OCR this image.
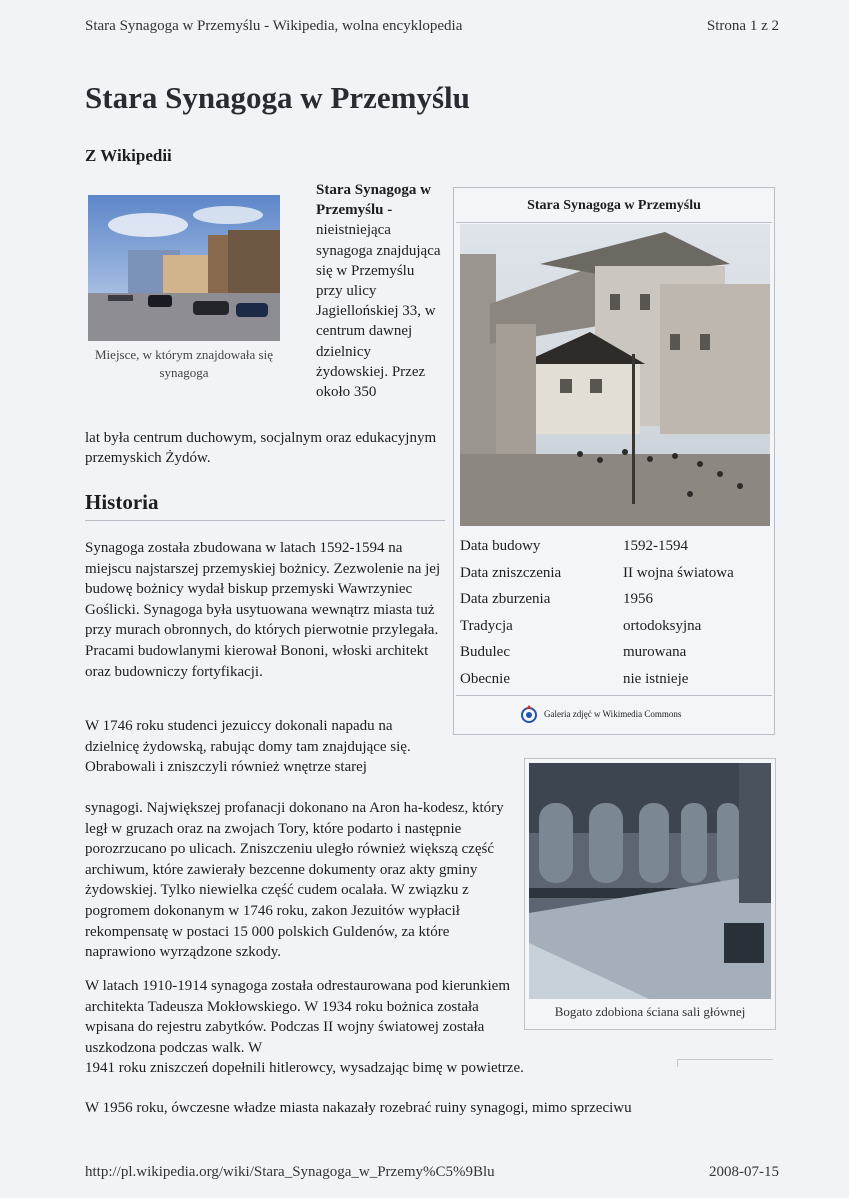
Stara Synagoga w Przemyślu - Wikipedia, wolna encyklopedia	Strona 1 z 2
Stara Synagoga w Przemyślu
Z Wikipedii
Miejsce, w którym znajdowała się synagoga
Stara Synagoga w Przemyślu - nieistniejąca synagoga znajdująca się w Przemyślu przy ulicy Jagiellońskiej 33, w centrum dawnej dzielnicy żydowskiej. Przez około 350
lat była centrum duchowym, socjalnym oraz edukacyjnym przemyskich Żydów.
Historia
Synagoga została zbudowana w latach 1592-1594 na miejscu najstarszej przemyskiej bożnicy. Zezwolenie na jej budowę bożnicy wydał biskup przemyski Wawrzyniec Goślicki. Synagoga była usytuowana wewnątrz miasta tuż przy murach obronnych, do których pierwotnie przylegała. Pracami budowlanymi kierował Bononi, włoski architekt oraz budowniczy fortyfikacji.
W 1746 roku studenci jezuiccy dokonali napadu na dzielnicę żydowską, rabując domy tam znajdujące się. Obrabowali i zniszczyli również wnętrze starej
synagogi. Największej profanacji dokonano na Aron ha-kodesz, który legł w gruzach oraz na zwojach Tory, które podarto i następnie porozrzucano po ulicach. Zniszczeniu uległo również większą część archiwum, które zawierały bezcenne dokumenty oraz akty gminy żydowskiej. Tylko niewielka część cudem ocalała. W związku z pogromem dokonanym w 1746 roku, zakon Jezuitów wypłacił rekompensatę w postaci 15 000 polskich Guldenów, za które naprawiono wyrządzone szkody.
W latach 1910-1914 synagoga została odrestaurowana pod kierunkiem architekta Tadeusza Mokłowskiego. W 1934 roku bożnica została wpisana do rejestru zabytków. Podczas II wojny światowej została uszkodzona podczas walk. W
1941 roku zniszczeń dopełnili hitlerowcy, wysadzając bimę w powietrze.
W 1956 roku, ówczesne władze miasta nakazały rozebrać ruiny synagogi, mimo sprzeciwu
Stara Synagoga w Przemyślu
Data budowy	1592-1594
Data zniszczenia	II wojna światowa
Data zburzenia	1956
Tradycja	ortodoksyjna
Budulec	murowana
Obecnie	nie istnieje
Galeria zdjęć w Wikimedia Commons
Bogato zdobiona ściana sali głównej
http://pl.wikipedia.org/wiki/Stara_Synagoga_w_Przemy%C5%9Blu	2008-07-15
